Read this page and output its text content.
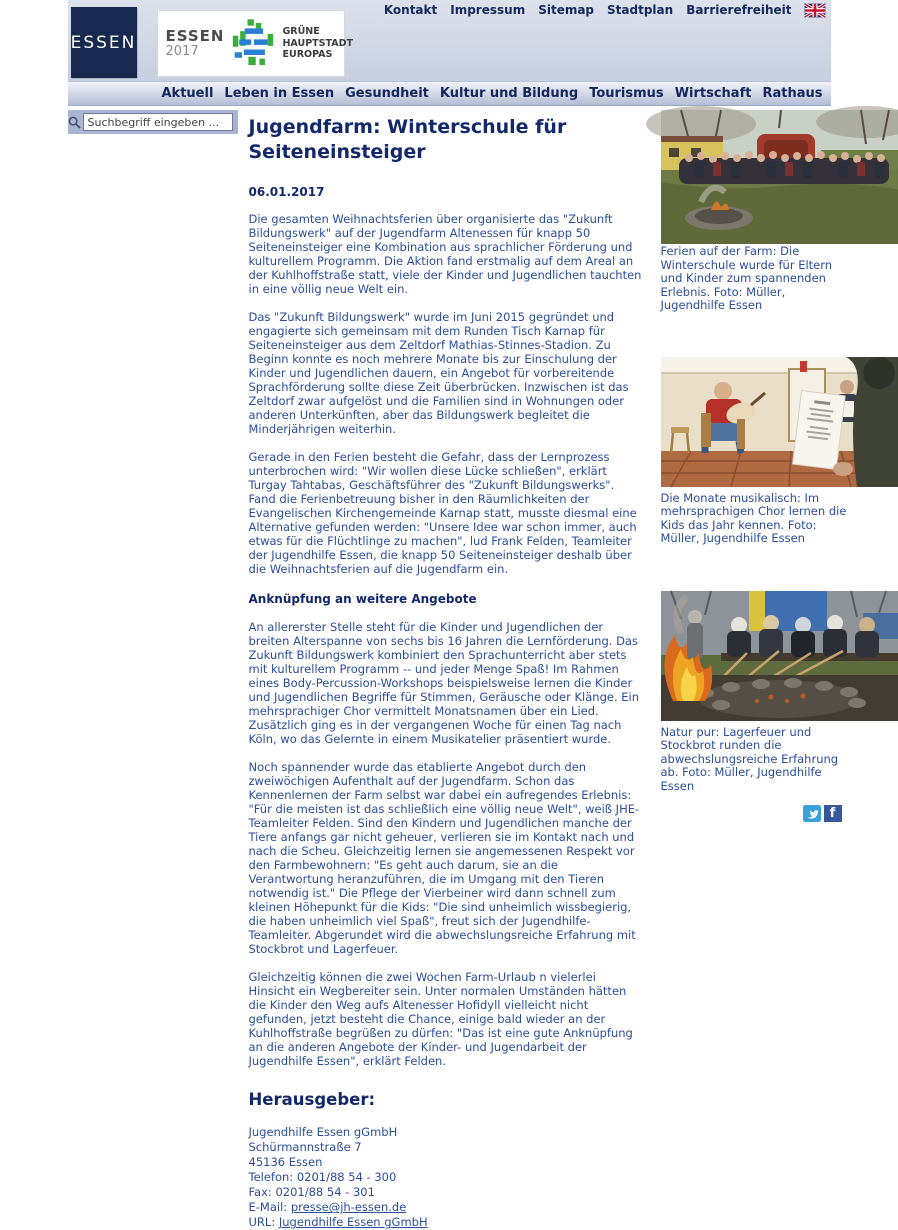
Kontakt Impressum Sitemap Stadtplan Barrierefreiheit
ESSEN ESSEN
2017
GRÜNE HAUPTSTADT
EUROPAS
Aktuell Leben in Essen Gesundheit Kultur und Bildung Tourismus Wirtschaft Rathaus
Suchbegriff eingeben ...
Jugendfarm: Winterschule für Seiteneinsteiger
06.01.2017

Die gesamten Weihnachtsferien über organisierte das "Zukunft Bildungswerk" auf der Jugendfarm Altenessen für knapp 50 Seiteneinsteiger eine Kombination aus sprachlicher Förderung und kulturellem Programm. Die Aktion fand erstmalig auf dem Areal an der Kuhlhoffstraße statt, viele der Kinder und Jugendlichen tauchten in eine völlig neue Welt ein.

Das "Zukunft Bildungswerk" wurde im Juni 2015 gegründet und engagierte sich gemeinsam mit dem Runden Tisch Karnap für Seiteneinsteiger aus dem Zeltdorf Mathias-Stinnes-Stadion. Zu Beginn konnte es noch mehrere Monate bis zur Einschulung der Kinder und Jugendlichen dauern, ein Angebot für vorbereitende Sprachförderung sollte diese Zeit überbrücken. Inzwischen ist das Zeltdorf zwar aufgelöst und die Familien sind in Wohnungen oder anderen Unterkünften, aber das Bildungswerk begleitet die Minderjährigen weiterhin.

Gerade in den Ferien besteht die Gefahr, dass der Lernprozess unterbrochen wird: "Wir wollen diese Lücke schließen", erklärt Turgay Tahtabas, Geschäftsführer des "Zukunft Bildungswerks". Fand die Ferienbetreuung bisher in den Räumlichkeiten der Evangelischen Kirchengemeinde Karnap statt, musste diesmal eine Alternative gefunden werden: "Unsere Idee war schon immer, auch etwas für die Flüchtlinge zu machen", lud Frank Felden, Teamleiter der Jugendhilfe Essen, die knapp 50 Seiteneinsteiger deshalb über die Weihnachtsferien auf die Jugendfarm ein.

Anknüpfung an weitere Angebote

An allererster Stelle steht für die Kinder und Jugendlichen der breiten Alterspanne von sechs bis 16 Jahren die Lernförderung. Das Zukunft Bildungswerk kombiniert den Sprachunterricht aber stets mit kulturellem Programm -- und jeder Menge Spaß! Im Rahmen eines Body-Percussion-Workshops beispielsweise lernen die Kinder und Jugendlichen Begriffe für Stimmen, Geräusche oder Klänge. Ein mehrsprachiger Chor vermittelt Monatsnamen über ein Lied. Zusätzlich ging es in der vergangenen Woche für einen Tag nach Köln, wo das Gelernte in einem Musikatelier präsentiert wurde.

Noch spannender wurde das etablierte Angebot durch den zweiwöchigen Aufenthalt auf der Jugendfarm. Schon das Kennenlernen der Farm selbst war dabei ein aufregendes Erlebnis: "Für die meisten ist das schließlich eine völlig neue Welt", weiß JHE-Teamleiter Felden. Sind den Kindern und Jugendlichen manche der Tiere anfangs gar nicht geheuer, verlieren sie im Kontakt nach und nach die Scheu. Gleichzeitig lernen sie angemessenen Respekt vor den Farmbewohnern: "Es geht auch darum, sie an die Verantwortung heranzuführen, die im Umgang mit den Tieren notwendig ist." Die Pflege der Vierbeiner wird dann schnell zum kleinen Höhepunkt für die Kids: "Die sind unheimlich wissbegierig, die haben unheimlich viel Spaß", freut sich der Jugendhilfe-Teamleiter. Abgerundet wird die abwechslungsreiche Erfahrung mit Stockbrot und Lagerfeuer.

Gleichzeitig können die zwei Wochen Farm-Urlaub n vielerlei Hinsicht ein Wegbereiter sein. Unter normalen Umständen hätten die Kinder den Weg aufs Altenesser Hofidyll vielleicht nicht gefunden, jetzt besteht die Chance, einige bald wieder an der Kuhlhoffstraße begrüßen zu dürfen: "Das ist eine gute Anknüpfung an die anderen Angebote der Kinder- und Jugendarbeit der Jugendhilfe Essen", erklärt Felden.

Herausgeber:
Jugendhilfe Essen gGmbH
Schürmannstraße 7
45136 Essen
Telefon: 0201/88 54 - 300
Fax: 0201/88 54 - 301
E-Mail: presse@jh-essen.de
URL: Jugendhilfe Essen gGmbH
Ferien auf der Farm: Die Winterschule wurde für Eltern und Kinder zum spannenden Erlebnis. Foto: Müller, Jugendhilfe Essen
Die Monate musikalisch: Im mehrsprachigen Chor lernen die Kids das Jahr kennen. Foto: Müller, Jugendhilfe Essen
Natur pur: Lagerfeuer und Stockbrot runden die abwechslungsreiche Erfahrung ab. Foto: Müller, Jugendhilfe Essen
f
